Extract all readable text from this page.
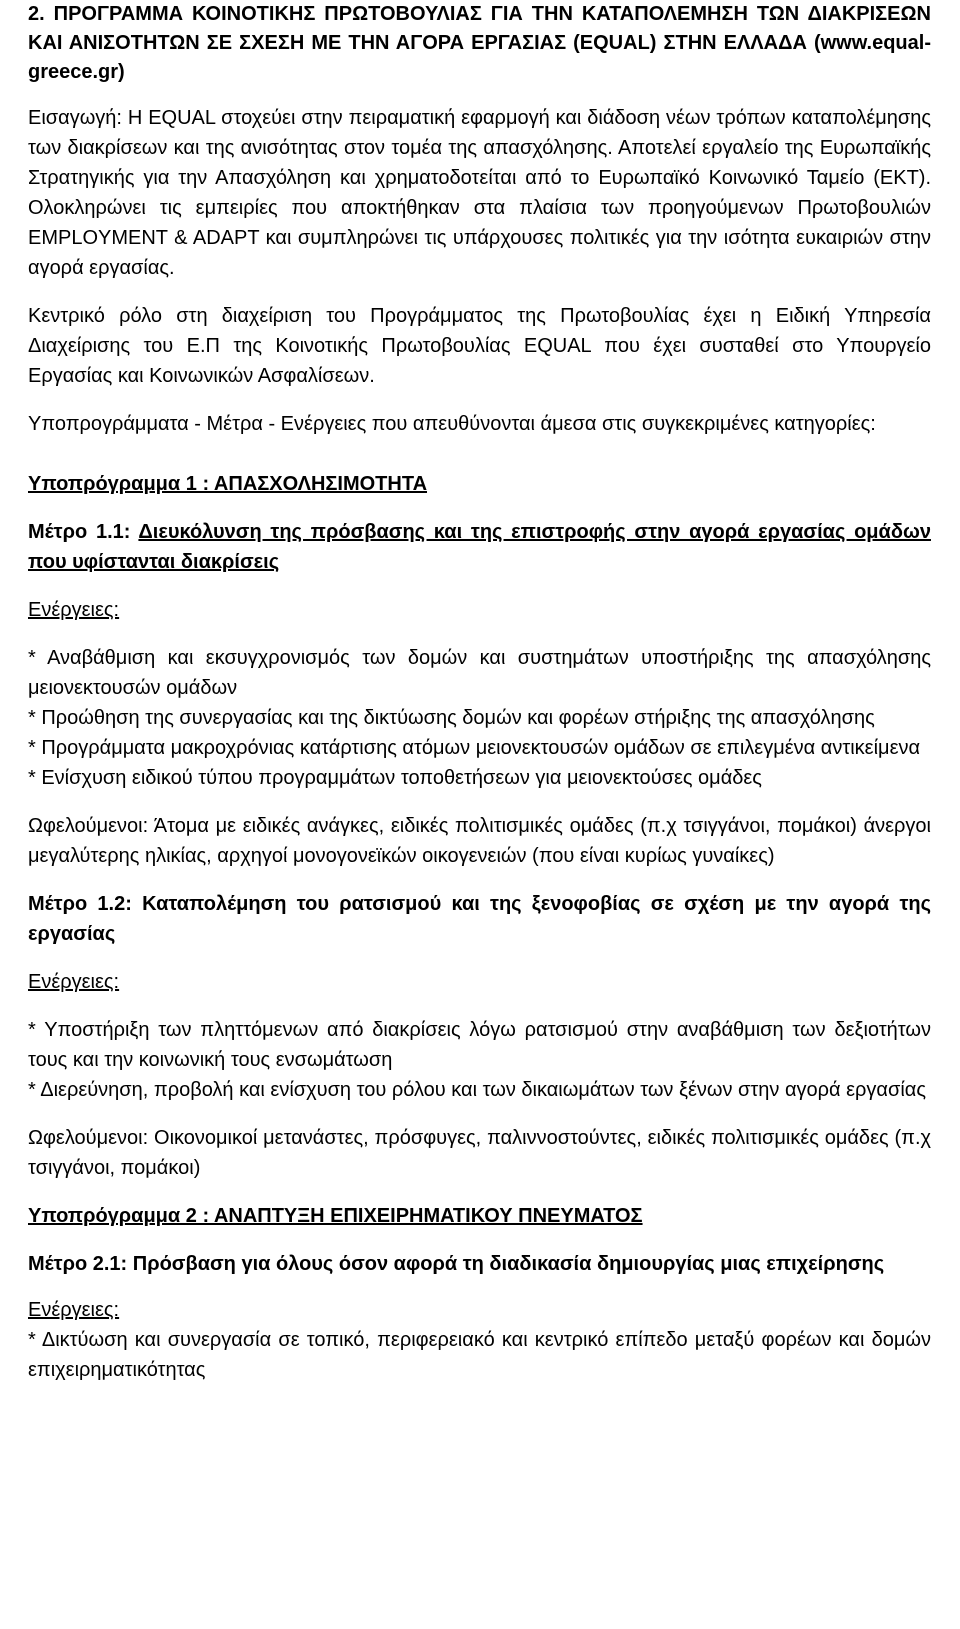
2. ΠΡΟΓΡΑΜΜΑ ΚΟΙΝΟΤΙΚΗΣ ΠΡΩΤΟΒΟΥΛΙΑΣ ΓΙΑ ΤΗΝ ΚΑΤΑΠΟΛΕΜΗΣΗ ΤΩΝ ΔΙΑΚΡΙΣΕΩΝ ΚΑΙ ΑΝΙΣΟΤΗΤΩΝ ΣΕ ΣΧΕΣΗ ΜΕ ΤΗΝ ΑΓΟΡΑ ΕΡΓΑΣΙΑΣ (EQUAL) ΣΤΗΝ ΕΛΛΑΔΑ (www.equal-greece.gr)

Εισαγωγή: Η EQUAL στοχεύει στην πειραματική εφαρμογή και διάδοση νέων τρόπων καταπολέμησης των διακρίσεων και της ανισότητας στον τομέα της απασχόλησης. Αποτελεί εργαλείο της Ευρωπαϊκής Στρατηγικής για την Απασχόληση και χρηματοδοτείται από το Ευρωπαϊκό Κοινωνικό Ταμείο (ΕΚΤ). Ολοκληρώνει τις εμπειρίες που αποκτήθηκαν στα πλαίσια των προηγούμενων Πρωτοβουλιών EMPLOYMENT & ADAPT και συμπληρώνει τις υπάρχουσες πολιτικές για την ισότητα ευκαιριών στην αγορά εργασίας.

Κεντρικό ρόλο στη διαχείριση του Προγράμματος της Πρωτοβουλίας έχει η Ειδική Υπηρεσία Διαχείρισης του Ε.Π της Κοινοτικής Πρωτοβουλίας EQUAL που έχει συσταθεί στο Υπουργείο Εργασίας και Κοινωνικών Ασφαλίσεων.

Υποπρογράμματα - Μέτρα - Ενέργειες που απευθύνονται άμεσα στις συγκεκριμένες κατηγορίες:

Υποπρόγραμμα 1 : ΑΠΑΣΧΟΛΗΣΙΜΟΤΗΤΑ

Μέτρο 1.1: Διευκόλυνση της πρόσβασης και της επιστροφής στην αγορά εργασίας ομάδων που υφίστανται διακρίσεις

Ενέργειες:

* Αναβάθμιση και εκσυγχρονισμός των δομών και συστημάτων υποστήριξης της απασχόλησης μειονεκτουσών ομάδων

* Προώθηση της συνεργασίας και της δικτύωσης δομών και φορέων στήριξης της απασχόλησης

* Προγράμματα μακροχρόνιας κατάρτισης ατόμων μειονεκτουσών ομάδων σε επιλεγμένα αντικείμενα

* Ενίσχυση ειδικού τύπου προγραμμάτων τοποθετήσεων για μειονεκτούσες ομάδες

Ωφελούμενοι: Άτομα με ειδικές ανάγκες, ειδικές πολιτισμικές ομάδες (π.χ τσιγγάνοι, πομάκοι) άνεργοι μεγαλύτερης ηλικίας, αρχηγοί μονογονεϊκών οικογενειών (που είναι κυρίως γυναίκες)

Μέτρο 1.2: Καταπολέμηση του ρατσισμού και της ξενοφοβίας σε σχέση με την αγορά της εργασίας

Ενέργειες:

* Υποστήριξη των πληττόμενων από διακρίσεις λόγω ρατσισμού στην αναβάθμιση των δεξιοτήτων τους και την κοινωνική τους ενσωμάτωση

* Διερεύνηση, προβολή και ενίσχυση του ρόλου και των δικαιωμάτων των ξένων στην αγορά εργασίας

Ωφελούμενοι: Οικονομικοί μετανάστες, πρόσφυγες, παλιννοστούντες, ειδικές πολιτισμικές ομάδες (π.χ τσιγγάνοι, πομάκοι)

Υποπρόγραμμα 2 : ΑΝΑΠΤΥΞΗ ΕΠΙΧΕΙΡΗΜΑΤΙΚΟΥ ΠΝΕΥΜΑΤΟΣ

Μέτρο 2.1: Πρόσβαση για όλους όσον αφορά τη διαδικασία δημιουργίας μιας επιχείρησης

Ενέργειες:

* Δικτύωση και συνεργασία σε τοπικό, περιφερειακό και κεντρικό επίπεδο μεταξύ φορέων και δομών επιχειρηματικότητας
